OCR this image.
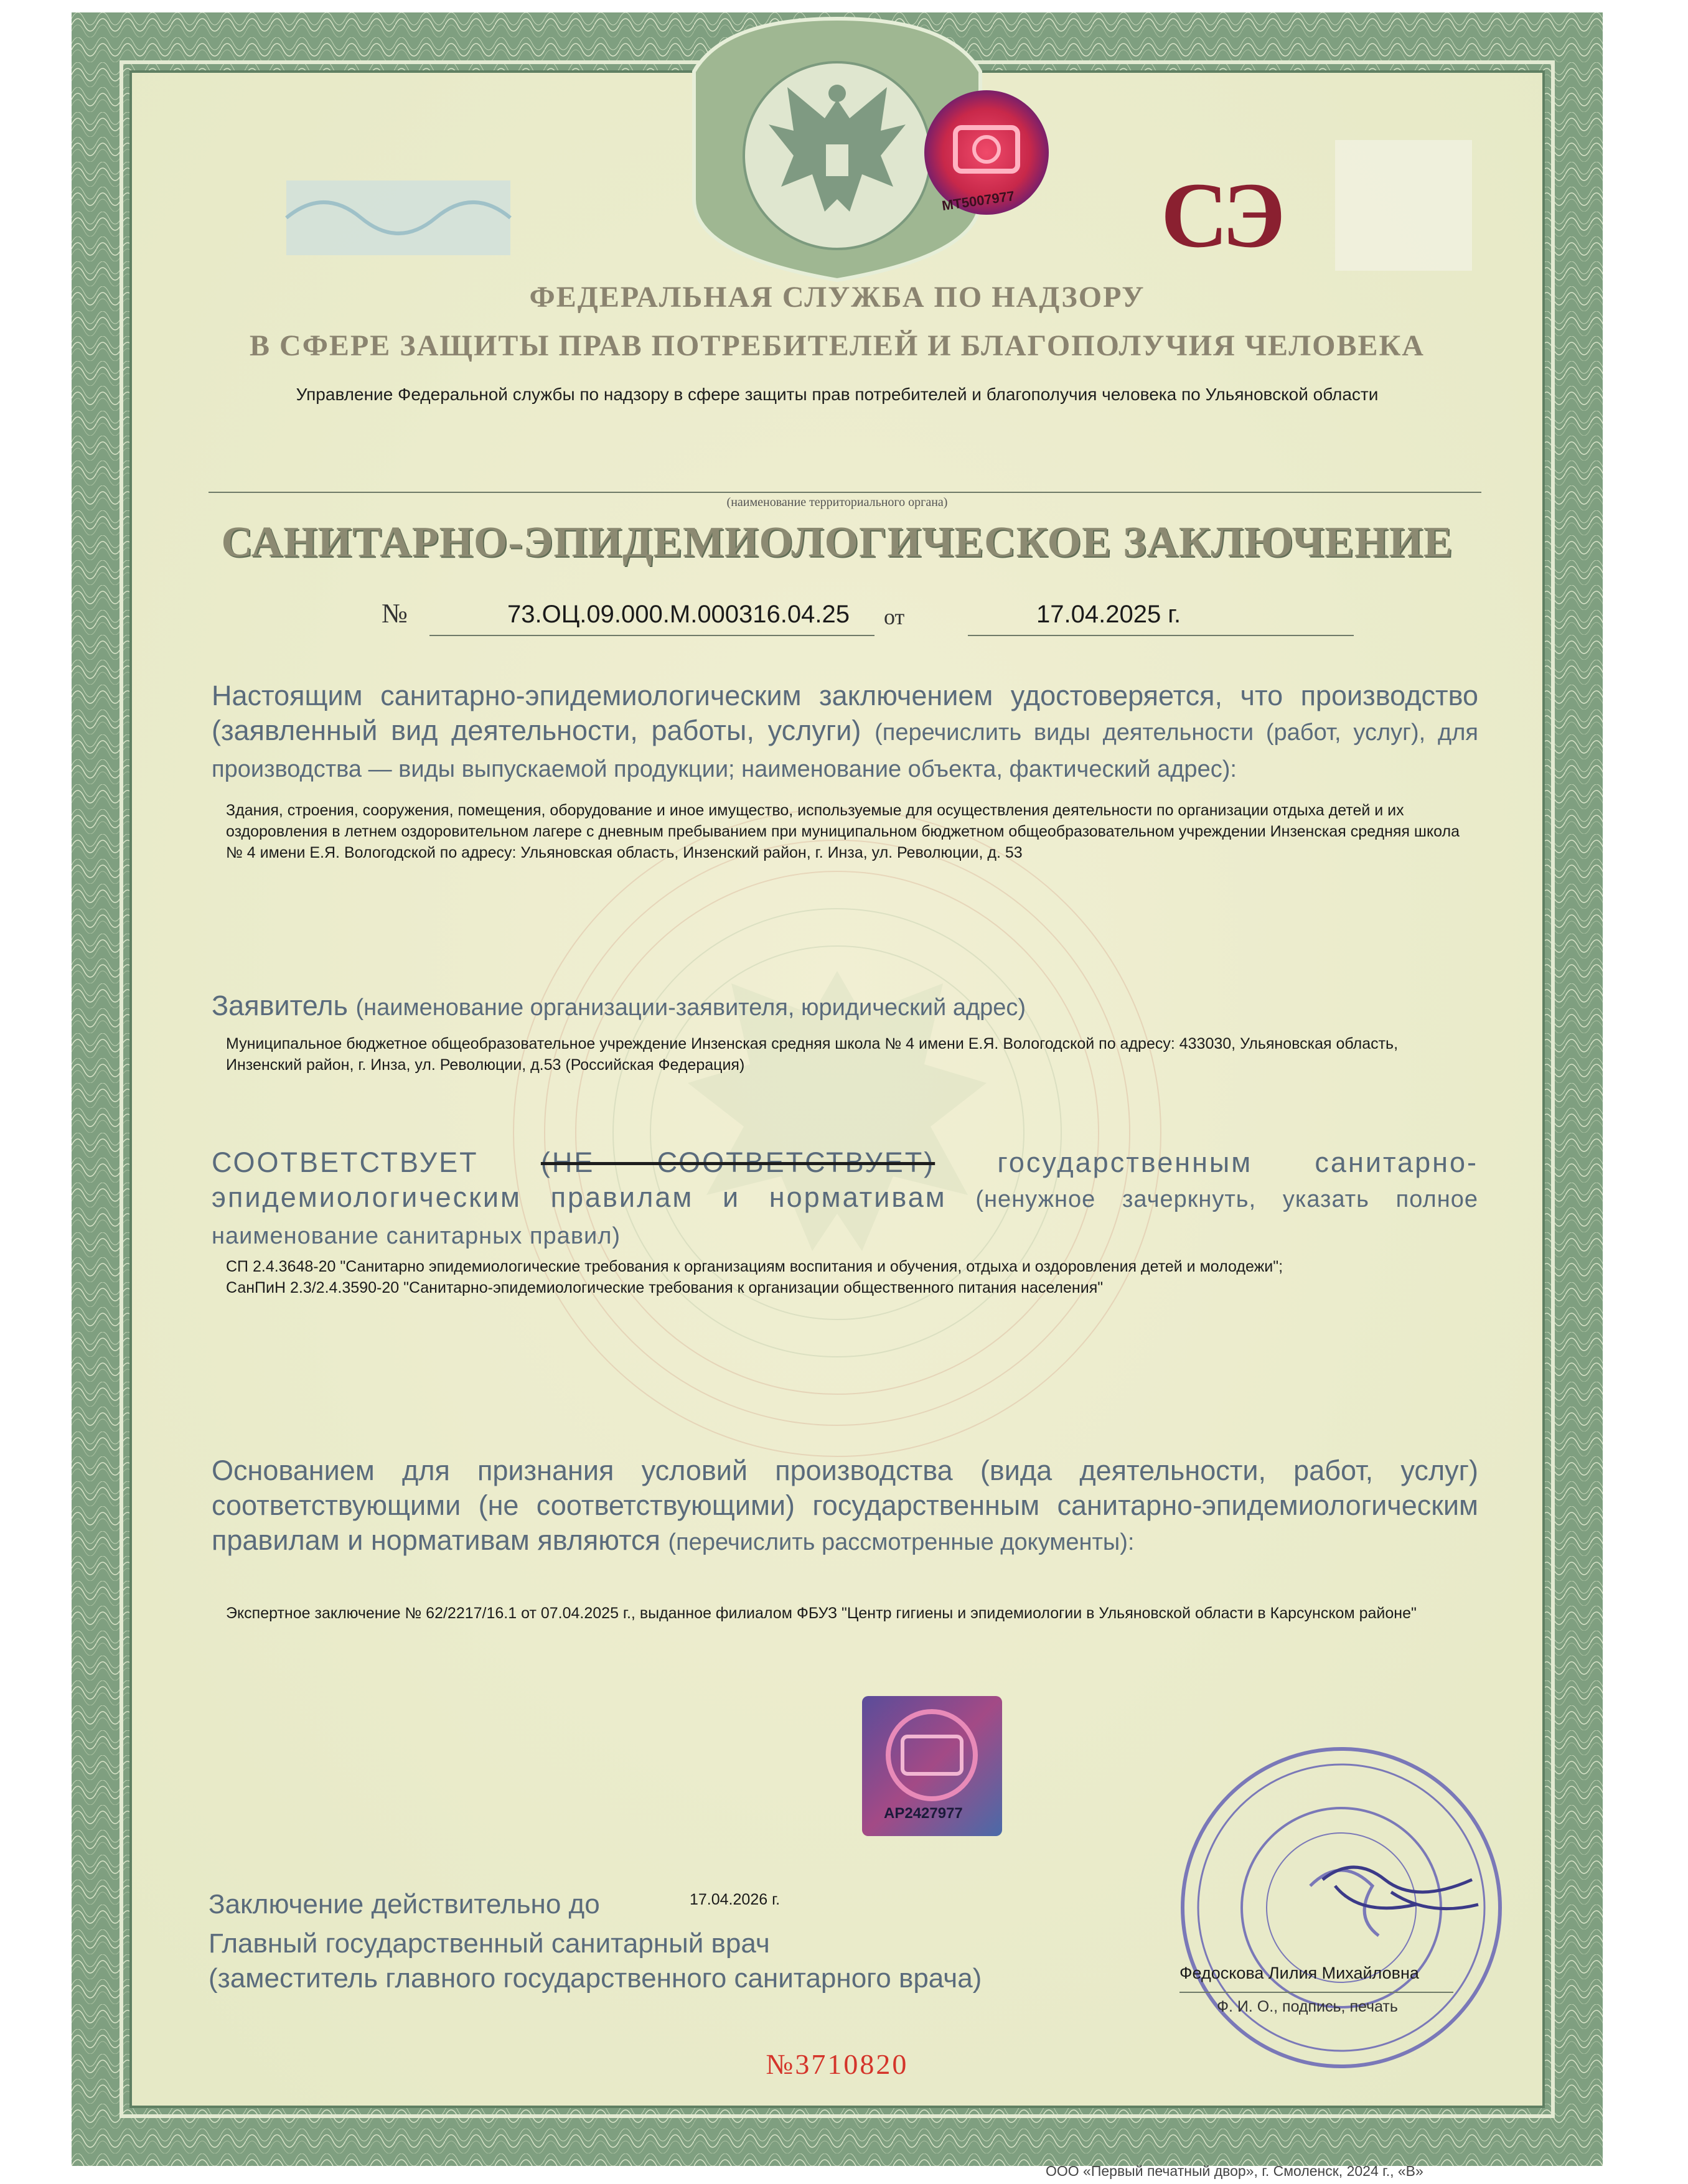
МТ5007977 СЭ
ФЕДЕРАЛЬНАЯ СЛУЖБА ПО НАДЗОРУ
В СФЕРЕ ЗАЩИТЫ ПРАВ ПОТРЕБИТЕЛЕЙ И БЛАГОПОЛУЧИЯ ЧЕЛОВЕКА
Управление Федеральной службы по надзору в сфере защиты прав потребителей и благополучия человека по Ульяновской области
(наименование территориального органа)
САНИТАРНО-ЭПИДЕМИОЛОГИЧЕСКОЕ ЗАКЛЮЧЕНИЕ
№	73.ОЦ.09.000.М.000316.04.25 от	17.04.2025 г.
Настоящим санитарно-эпидемиологическим заключением удостоверяется, что производство (заявленный вид деятельности, работы, услуги) (перечислить виды деятельности (работ, услуг), для производства — виды выпускаемой продукции; наименование объекта, фактический адрес):
Здания, строения, сооружения, помещения, оборудование и иное имущество, используемые для осуществления деятельности по организации отдыха детей и их оздоровления в летнем оздоровительном лагере с дневным пребыванием при муниципальном бюджетном общеобразовательном учреждении Инзенская средняя школа № 4 имени Е.Я. Вологодской по адресу: Ульяновская область, Инзенский район, г. Инза, ул. Революции, д. 53
Заявитель (наименование организации-заявителя, юридический адрес)
Муниципальное бюджетное общеобразовательное учреждение Инзенская средняя школа № 4 имени Е.Я. Вологодской по адресу: 433030, Ульяновская область, Инзенский район, г. Инза, ул. Революции, д.53 (Российская Федерация)
СООТВЕТСТВУЕТ (НЕ СООТВЕТСТВУЕТ) государственным санитарно-эпидемиологическим правилам и нормативам (ненужное зачеркнуть, указать полное наименование санитарных правил)
СП 2.4.3648-20 "Санитарно эпидемиологические требования к организациям воспитания и обучения, отдыха и оздоровления детей и молодежи";
СанПиН 2.3/2.4.3590-20 "Санитарно-эпидемиологические требования к организации общественного питания населения"
Основанием для признания условий производства (вида деятельности, работ, услуг) соответствующими (не соответствующими) государственным санитарно-эпидемиологическим правилам и нормативам являются (перечислить рассмотренные документы):
Экспертное заключение № 62/2217/16.1 от 07.04.2025 г., выданное филиалом ФБУЗ "Центр гигиены и эпидемиологии в Ульяновской области в Карсунском районе"
АР2427977
Заключение действительно до	17.04.2026 г.
Главный государственный санитарный врач
(заместитель главного государственного санитарного врача)	Федоскова Лилия Михайловна
Ф. И. О., подпись, печать
№3710820
ООО «Первый печатный двор», г. Смоленск, 2024 г., «В»
